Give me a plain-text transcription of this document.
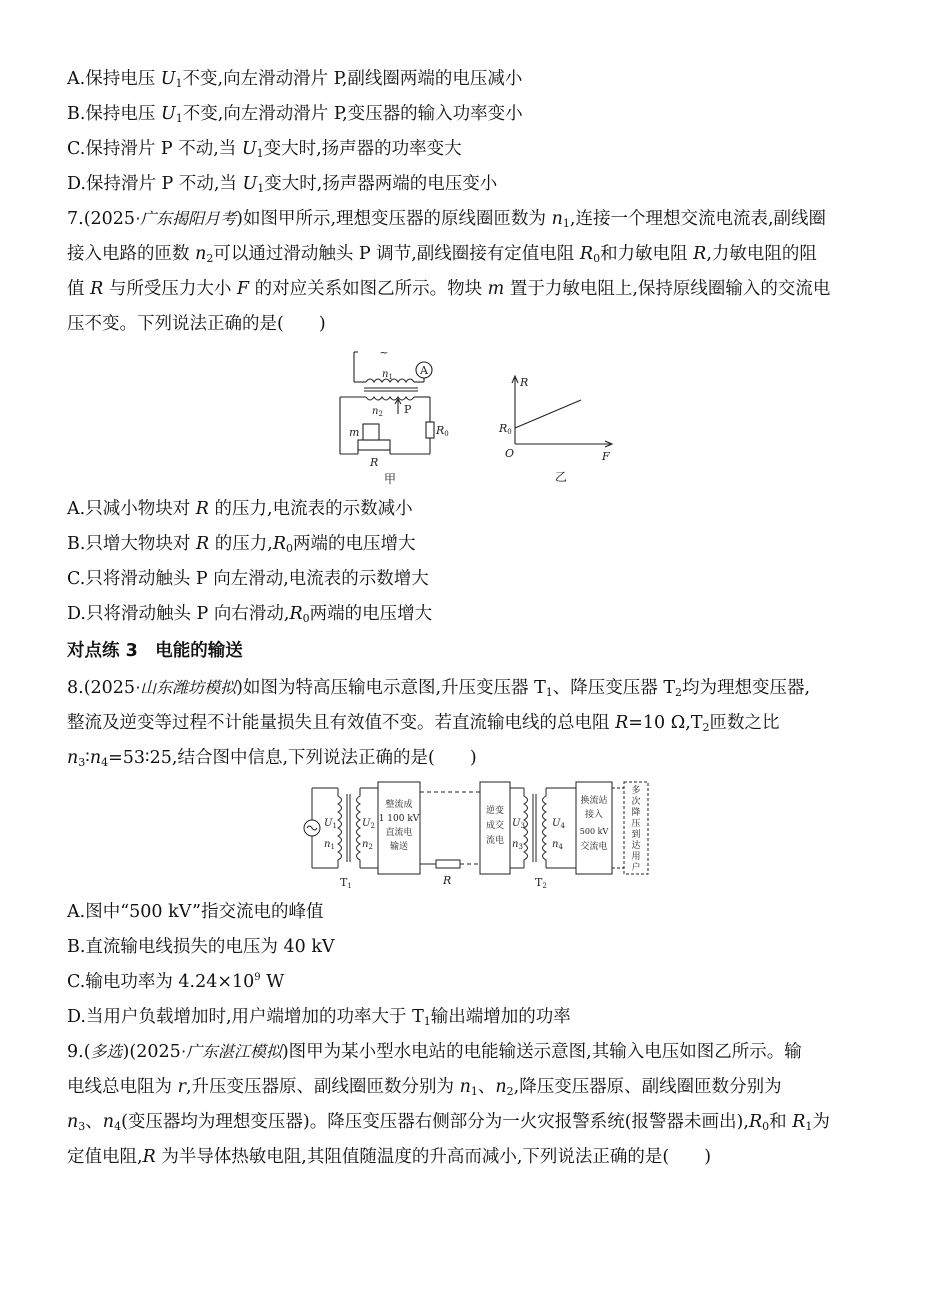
A.保持电压 $U_1$不变,向左滑动滑片 P,副线圈两端的电压减小
B.保持电压 $U_1$不变,向左滑动滑片 P,变压器的输入功率变小
C.保持滑片 P 不动,当 $U_1$变大时,扬声器的功率变大
D.保持滑片 P 不动,当 $U_1$变大时,扬声器两端的电压变小
7.(2025·广东揭阳月考)如图甲所示,理想变压器的原线圈匝数为 $n_1$,连接一个理想交流电流表,副线圈
接入电路的匝数 $n_2$可以通过滑动触头 P 调节,副线圈接有定值电阻 $R_0$和力敏电阻 R,力敏电阻的阻
值 R 与所受压力大小 F 的对应关系如图乙所示。物块 m 置于力敏电阻上,保持原线圈输入的交流电
压不变。下列说法正确的是(　　)
~
A
$n_1$
$n_2$ P
m	R0
R
甲
R
R0
O	F
乙
A.只减小物块对 R 的压力,电流表的示数减小
B.只增大物块对 R 的压力$,R_0$两端的电压增大
C.只将滑动触头 P 向左滑动,电流表的示数增大
D.只将滑动触头 P 向右滑动$,R_0$两端的电压增大
对点练 3　 电能的输送
8.(2025·山东潍坊模拟)如图为特高压输电示意图,升压变压器 $T_1$、降压变压器 $T_2$均为理想变压器,
整流及逆变等过程不计能量损失且有效值不变。若直流输电线的总电阻 R=10 $\Omega,T_2$匝数之比
$n_3∶n_4=53∶25$,结合图中信息,下列说法正确的是(　　)
$U_1$
$n_1$
$U_2$
$n_2$
整流成
1 100 kV
直流电
输送
逆变
成交
流电
换流站
接入
500 kV
交流电
多
次
降
压
到
达
用
户
$U_3$
$n_3$
$U_4$
$n_4$
T1	R	T2
A.图中“500 kV”指交流电的峰值
B.直流输电线损失的电压为 40 kV
C.输电功率为 $4.24\times 10^9$ W
D.当用户负载增加时,用户端增加的功率大于 $T_1$输出端增加的功率
9.(多选)(2025·广东湛江模拟)图甲为某小型水电站的电能输送示意图,其输入电压如图乙所示。输
电线总电阻为 r,升压变压器原、副线圈匝数分别为 $n_1$、$n_2$,降压变压器原、副线圈匝数分别为
$n_3$、$n_4$(变压器均为理想变压器)。降压变压器右侧部分为一火灾报警系统(报警器未画出)$,R_0$和 $R_1$为
定值电阻,R 为半导体热敏电阻,其阻值随温度的升高而减小,下列说法正确的是(　　)
